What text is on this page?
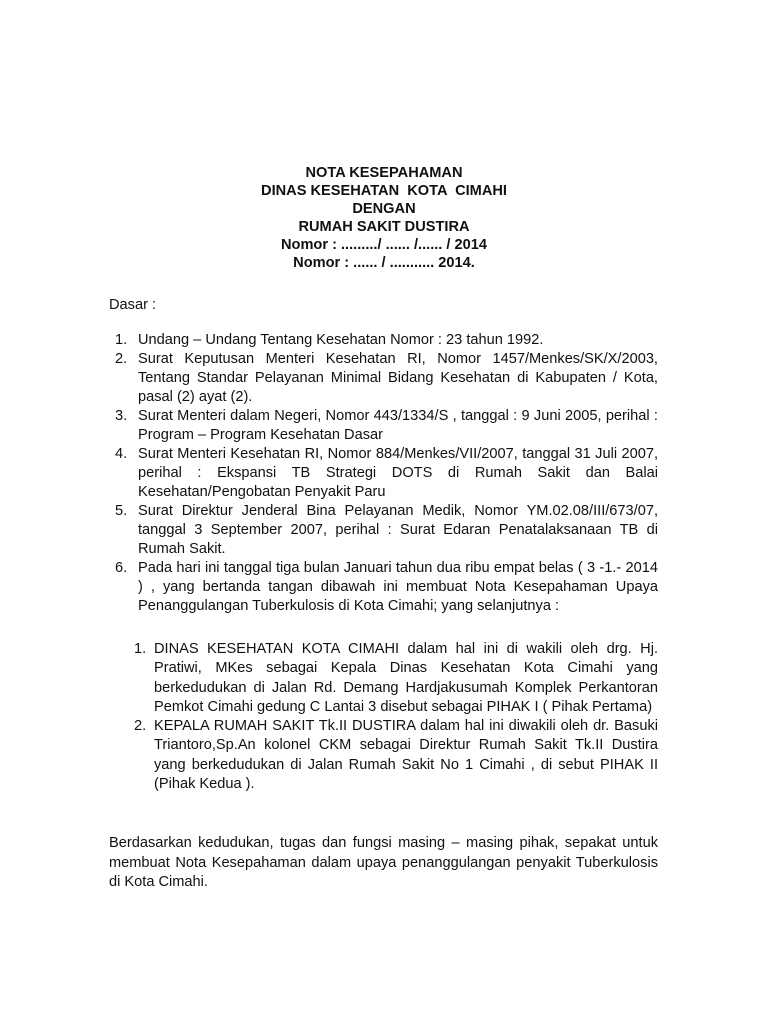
NOTA KESEPAHAMAN
DINAS KESEHATAN  KOTA  CIMAHI
DENGAN
RUMAH SAKIT DUSTIRA
Nomor : ........./ ...... /...... / 2014
Nomor : ...... / ........... 2014.
Dasar :
1. Undang – Undang Tentang Kesehatan Nomor : 23 tahun 1992.
2. Surat Keputusan Menteri Kesehatan RI, Nomor 1457/Menkes/SK/X/2003, Tentang Standar Pelayanan Minimal Bidang Kesehatan di Kabupaten / Kota, pasal (2) ayat (2).
3. Surat Menteri dalam Negeri, Nomor 443/1334/S , tanggal : 9 Juni 2005, perihal : Program – Program Kesehatan Dasar
4. Surat Menteri Kesehatan RI, Nomor 884/Menkes/VII/2007, tanggal 31 Juli 2007, perihal : Ekspansi TB Strategi DOTS di Rumah Sakit dan Balai Kesehatan/Pengobatan Penyakit Paru
5. Surat Direktur Jenderal Bina Pelayanan Medik, Nomor YM.02.08/III/673/07, tanggal 3 September 2007, perihal : Surat Edaran Penatalaksanaan TB di Rumah Sakit.
6. Pada hari ini tanggal tiga bulan Januari tahun dua ribu empat belas ( 3 -1.- 2014 ) , yang bertanda tangan dibawah ini membuat Nota Kesepahaman Upaya Penanggulangan Tuberkulosis di Kota Cimahi; yang selanjutnya :
1. DINAS KESEHATAN KOTA CIMAHI dalam hal ini di wakili oleh drg. Hj. Pratiwi, MKes sebagai Kepala Dinas Kesehatan Kota Cimahi yang berkedudukan di Jalan Rd. Demang Hardjakusumah Komplek Perkantoran Pemkot Cimahi gedung C Lantai 3 disebut sebagai PIHAK I ( Pihak Pertama)
2. KEPALA RUMAH SAKIT Tk.II DUSTIRA dalam hal ini diwakili oleh dr. Basuki Triantoro,Sp.An kolonel CKM sebagai Direktur Rumah Sakit Tk.II Dustira yang berkedudukan di Jalan Rumah Sakit No 1 Cimahi , di sebut PIHAK II (Pihak Kedua ).
Berdasarkan kedudukan, tugas dan fungsi masing – masing pihak, sepakat untuk membuat Nota Kesepahaman dalam upaya penanggulangan penyakit Tuberkulosis di Kota Cimahi.
